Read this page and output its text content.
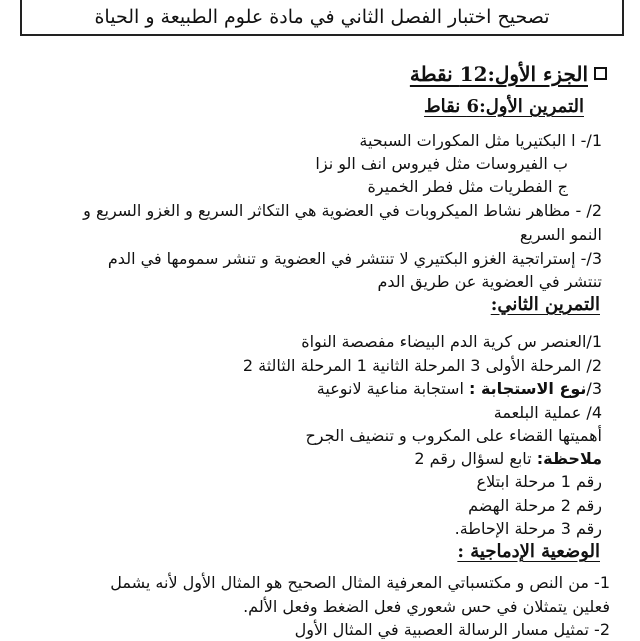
تصحيح اختبار الفصل الثاني في مادة علوم الطبيعة و الحياة
الجزء الأول:12 نقطة
التمرين الأول:6 نقاط
1/- ا البكتيريا مثل المكورات السبحية
ب الفيروسات مثل فيروس انف الو نزا
ج الفطريات مثل فطر الخميرة
2/ - مظاهر نشاط الميكروبات في العضوية هي التكاثر السريع و الغزو السريع و
النمو السريع
3/- إستراتجية الغزو البكتيري لا تنتشر في العضوية و تنشر سمومها في الدم
تنتشر في العضوية عن طريق الدم
التمرين الثاني:
1/العنصر س كرية الدم البيضاء مفصصة النواة
2/ المرحلة الأولى 3 المرحلة الثانية 1 المرحلة الثالثة 2
3/نوع الاستجابة : استجابة مناعية لانوعية
4/ عملية البلعمة
أهميتها القضاء على المكروب و تنضيف الجرح
ملاحظة: تابع لسؤال رقم 2
رقم 1 مرحلة ابتلاع
رقم 2 مرحلة الهضم
رقم 3 مرحلة الإحاطة.
الوضعية الإدماجية :
1- من النص و مكتسباتي المعرفية المثال الصحيح هو المثال الأول لأنه يشمل
فعلين يتمثلان في حس شعوري فعل الضغط وفعل الألم.
2- تمثيل مسار الرسالة العصبية في المثال الأول
